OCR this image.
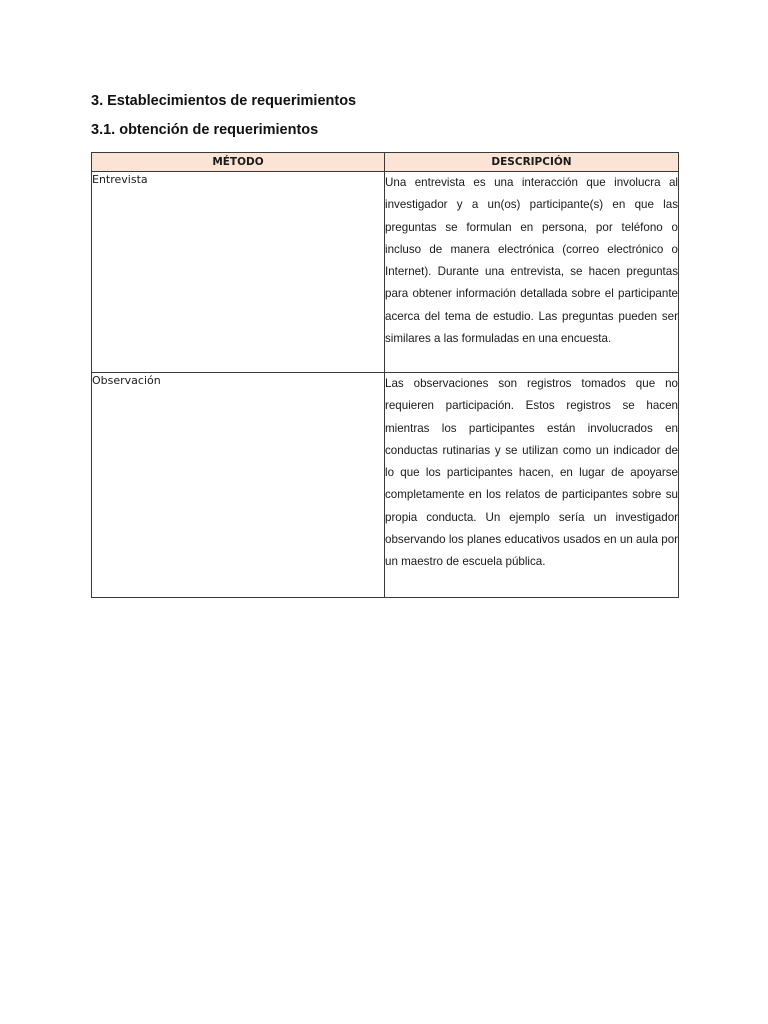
3. Establecimientos de requerimientos
3.1. obtención de requerimientos
MÉTODO	DESCRIPCIÓN
Entrevista	Una entrevista es una interacción que involucra al investigador y a un(os) participante(s) en que las preguntas se formulan en persona, por teléfono o incluso de manera electrónica (correo electrónico o Internet). Durante una entrevista, se hacen preguntas para obtener información detallada sobre el participante acerca del tema de estudio. Las preguntas pueden ser similares a las formuladas en una encuesta.
Observación	Las observaciones son registros tomados que no requieren participación. Estos registros se hacen mientras los participantes están involucrados en conductas rutinarias y se utilizan como un indicador de lo que los participantes hacen, en lugar de apoyarse completamente en los relatos de participantes sobre su propia conducta. Un ejemplo sería un investigador observando los planes educativos usados en un aula por un maestro de escuela pública.
